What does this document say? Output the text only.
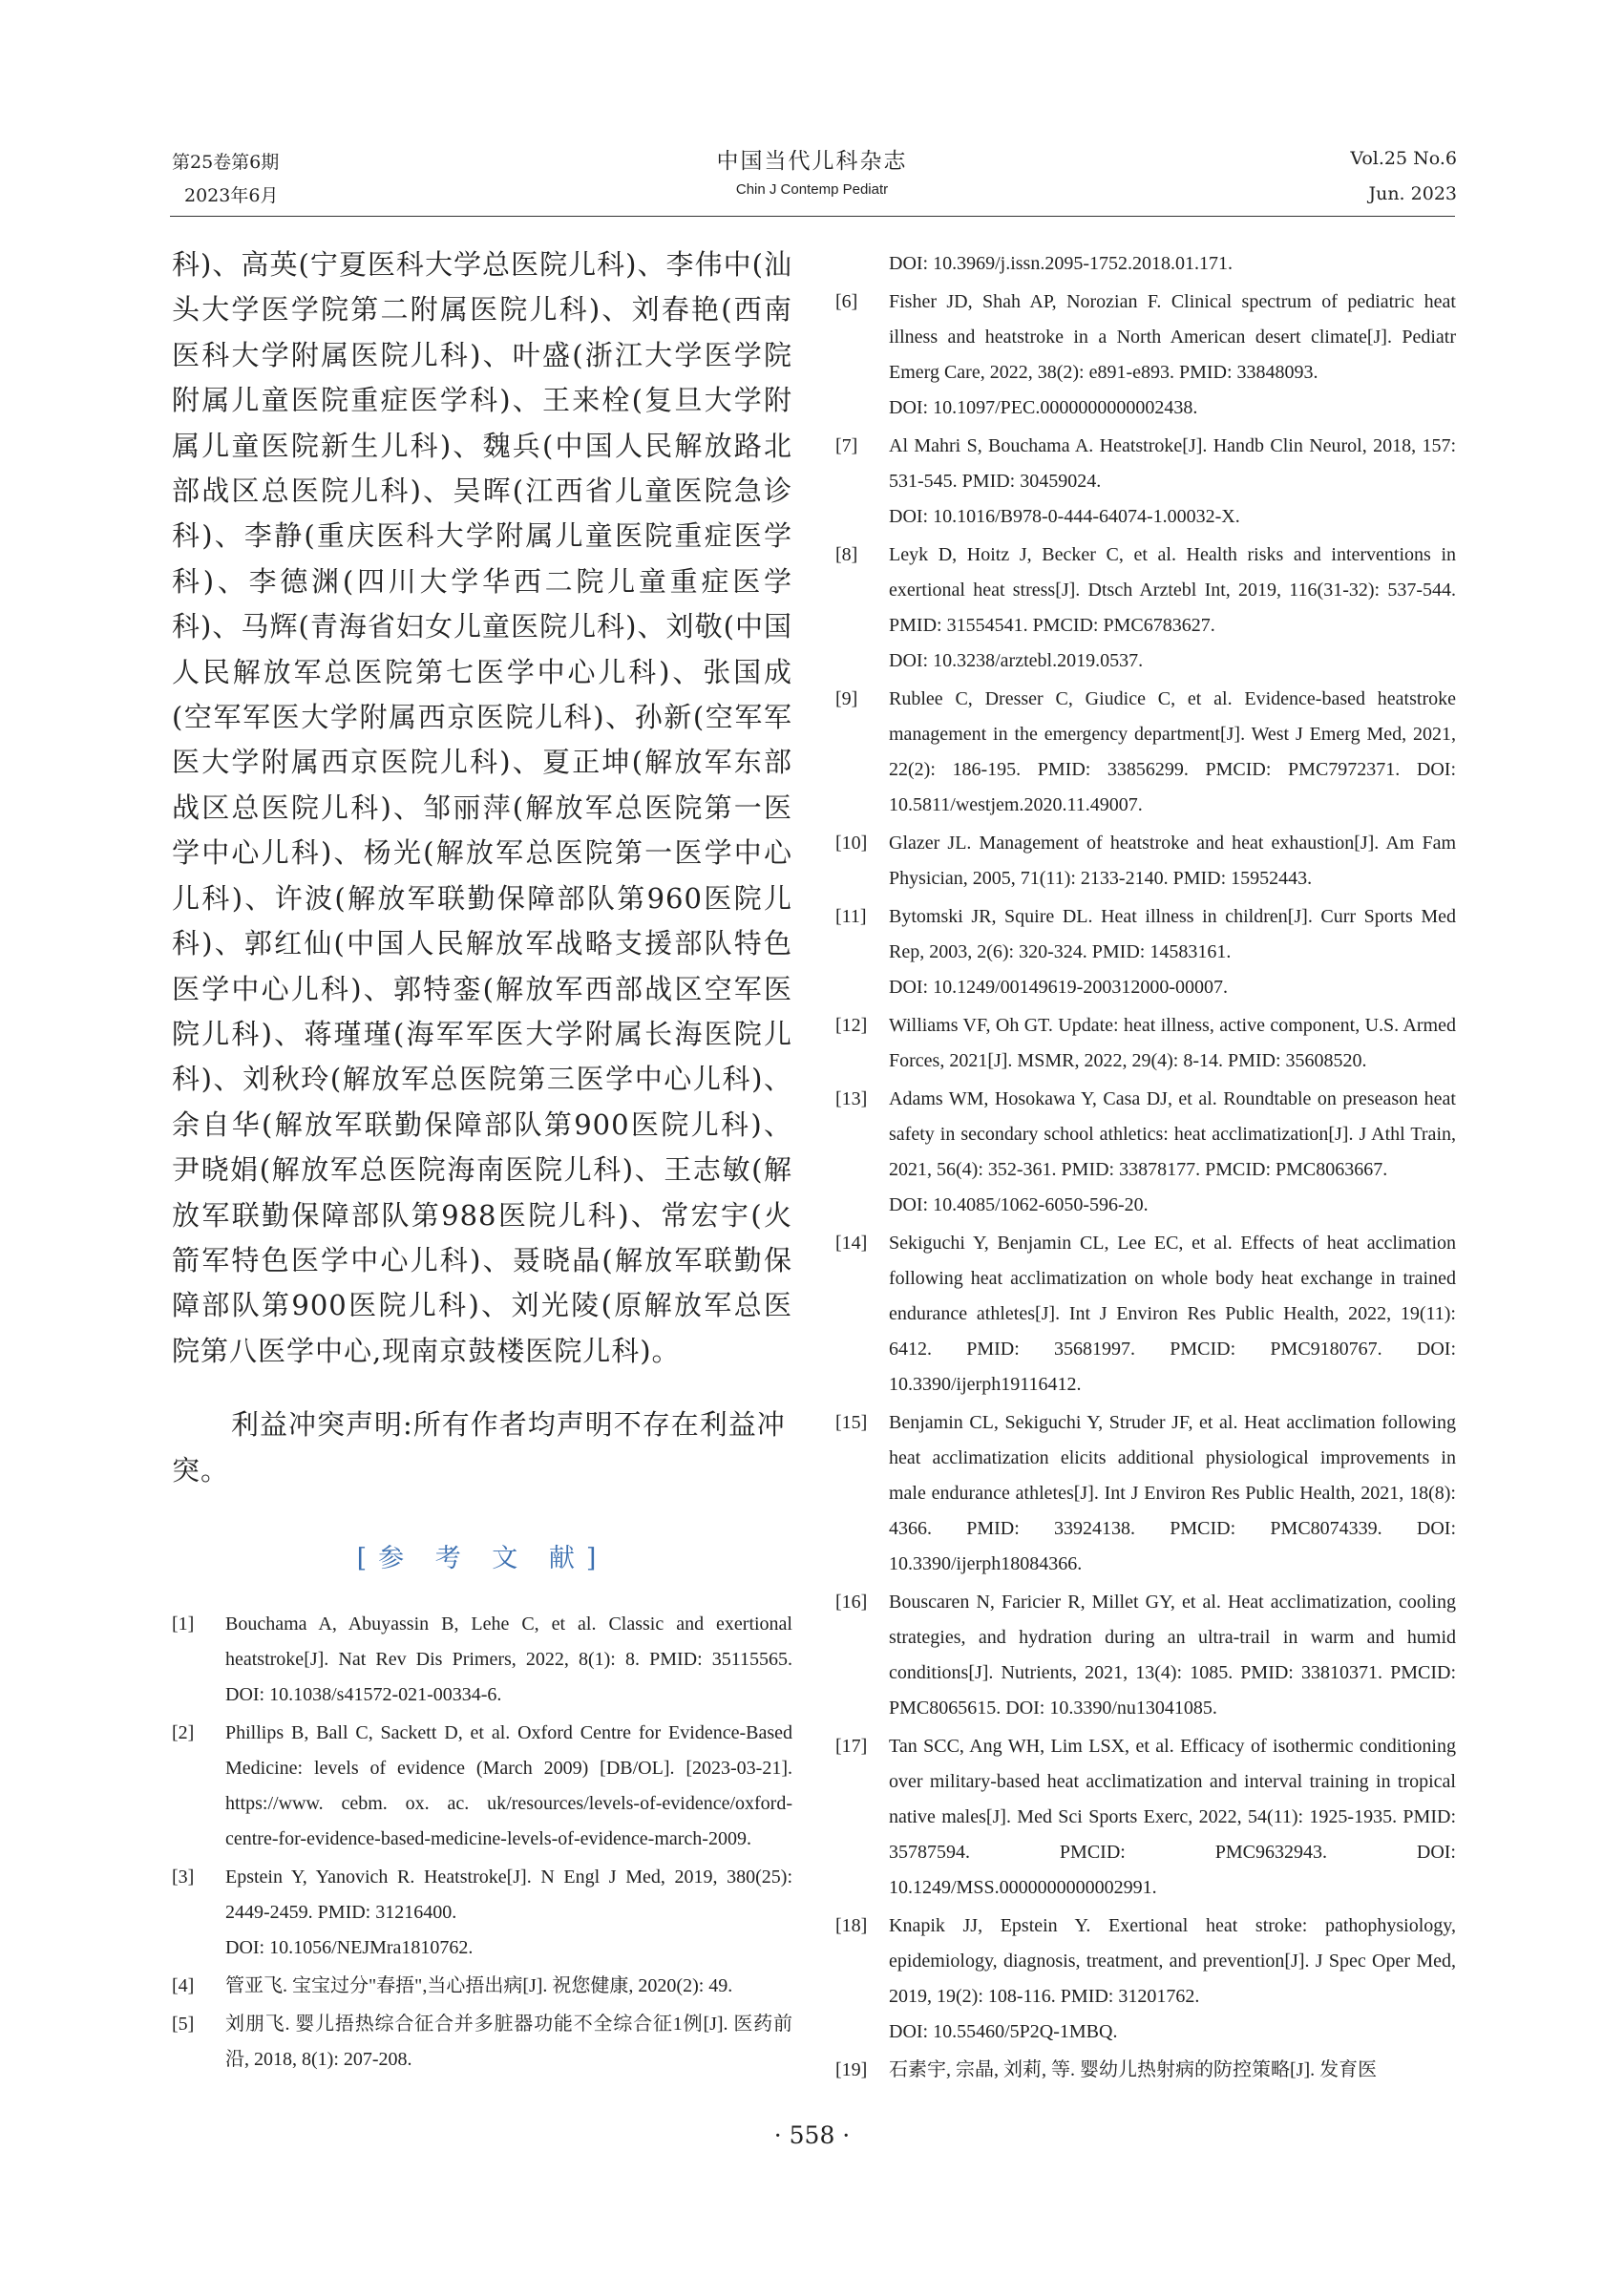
第25卷第6期
2023年6月
中国当代儿科杂志
Chin J Contemp Pediatr
Vol.25 No.6
Jun. 2023

科)、高英(宁夏医科大学总医院儿科)、李伟中(汕头大学医学院第二附属医院儿科)、刘春艳(西南医科大学附属医院儿科)、叶盛(浙江大学医学院附属儿童医院重症医学科)、王来栓(复旦大学附属儿童医院新生儿科)、魏兵(中国人民解放路北部战区总医院儿科)、吴晖(江西省儿童医院急诊科)、李静(重庆医科大学附属儿童医院重症医学科)、李德渊(四川大学华西二院儿童重症医学科)、马辉(青海省妇女儿童医院儿科)、刘敬(中国人民解放军总医院第七医学中心儿科)、张国成(空军军医大学附属西京医院儿科)、孙新(空军军医大学附属西京医院儿科)、夏正坤(解放军东部战区总医院儿科)、邹丽萍(解放军总医院第一医学中心儿科)、杨光(解放军总医院第一医学中心儿科)、许波(解放军联勤保障部队第960医院儿科)、郭红仙(中国人民解放军战略支援部队特色医学中心儿科)、郭特銮(解放军西部战区空军医院儿科)、蒋瑾瑾(海军军医大学附属长海医院儿科)、刘秋玲(解放军总医院第三医学中心儿科)、余自华(解放军联勤保障部队第900医院儿科)、尹晓娟(解放军总医院海南医院儿科)、王志敏(解放军联勤保障部队第988医院儿科)、常宏宇(火箭军特色医学中心儿科)、聂晓晶(解放军联勤保障部队第900医院儿科)、刘光陵(原解放军总医院第八医学中心,现南京鼓楼医院儿科)。

利益冲突声明:所有作者均声明不存在利益冲突。

[参 考 文 献]
[1] Bouchama A, Abuyassin B, Lehe C, et al. Classic and exertional heatstroke[J]. Nat Rev Dis Primers, 2022, 8(1): 8. PMID: 35115565. DOI: 10.1038/s41572-021-00334-6.
[2] Phillips B, Ball C, Sackett D, et al. Oxford Centre for Evidence-Based Medicine: levels of evidence (March 2009) [DB/OL]. [2023-03-21]. https://www. cebm. ox. ac. uk/resources/levels-of-evidence/oxford-centre-for-evidence-based-medicine-levels-of-evidence-march-2009.
[3] Epstein Y, Yanovich R. Heatstroke[J]. N Engl J Med, 2019, 380(25): 2449-2459. PMID: 31216400.
DOI: 10.1056/NEJMra1810762.
[4] 管亚飞. 宝宝过分"春捂",当心捂出病[J]. 祝您健康, 2020(2): 49.
[5] 刘朋飞. 婴儿捂热综合征合并多脏器功能不全综合征1例[J]. 医药前沿, 2018, 8(1): 207-208.
DOI: 10.3969/j.issn.2095-1752.2018.01.171.
[6] Fisher JD, Shah AP, Norozian F. Clinical spectrum of pediatric heat illness and heatstroke in a North American desert climate[J]. Pediatr Emerg Care, 2022, 38(2): e891-e893. PMID: 33848093.
DOI: 10.1097/PEC.0000000000002438.
[7] Al Mahri S, Bouchama A. Heatstroke[J]. Handb Clin Neurol, 2018, 157: 531-545. PMID: 30459024.
DOI: 10.1016/B978-0-444-64074-1.00032-X.
[8] Leyk D, Hoitz J, Becker C, et al. Health risks and interventions in exertional heat stress[J]. Dtsch Arztebl Int, 2019, 116(31-32): 537-544. PMID: 31554541. PMCID: PMC6783627.
DOI: 10.3238/arztebl.2019.0537.
[9] Rublee C, Dresser C, Giudice C, et al. Evidence-based heatstroke management in the emergency department[J]. West J Emerg Med, 2021, 22(2): 186-195. PMID: 33856299. PMCID: PMC7972371. DOI: 10.5811/westjem.2020.11.49007.
[10] Glazer JL. Management of heatstroke and heat exhaustion[J]. Am Fam Physician, 2005, 71(11): 2133-2140. PMID: 15952443.
[11] Bytomski JR, Squire DL. Heat illness in children[J]. Curr Sports Med Rep, 2003, 2(6): 320-324. PMID: 14583161.
DOI: 10.1249/00149619-200312000-00007.
[12] Williams VF, Oh GT. Update: heat illness, active component, U.S. Armed Forces, 2021[J]. MSMR, 2022, 29(4): 8-14. PMID: 35608520.
[13] Adams WM, Hosokawa Y, Casa DJ, et al. Roundtable on preseason heat safety in secondary school athletics: heat acclimatization[J]. J Athl Train, 2021, 56(4): 352-361. PMID: 33878177. PMCID: PMC8063667.
DOI: 10.4085/1062-6050-596-20.
[14] Sekiguchi Y, Benjamin CL, Lee EC, et al. Effects of heat acclimation following heat acclimatization on whole body heat exchange in trained endurance athletes[J]. Int J Environ Res Public Health, 2022, 19(11): 6412. PMID: 35681997. PMCID: PMC9180767. DOI: 10.3390/ijerph19116412.
[15] Benjamin CL, Sekiguchi Y, Struder JF, et al. Heat acclimation following heat acclimatization elicits additional physiological improvements in male endurance athletes[J]. Int J Environ Res Public Health, 2021, 18(8): 4366. PMID: 33924138. PMCID: PMC8074339. DOI: 10.3390/ijerph18084366.
[16] Bouscaren N, Faricier R, Millet GY, et al. Heat acclimatization, cooling strategies, and hydration during an ultra-trail in warm and humid conditions[J]. Nutrients, 2021, 13(4): 1085. PMID: 33810371. PMCID: PMC8065615. DOI: 10.3390/nu13041085.
[17] Tan SCC, Ang WH, Lim LSX, et al. Efficacy of isothermic conditioning over military-based heat acclimatization and interval training in tropical native males[J]. Med Sci Sports Exerc, 2022, 54(11): 1925-1935. PMID: 35787594. PMCID: PMC9632943. DOI: 10.1249/MSS.0000000000002991.
[18] Knapik JJ, Epstein Y. Exertional heat stroke: pathophysiology, epidemiology, diagnosis, treatment, and prevention[J]. J Spec Oper Med, 2019, 19(2): 108-116. PMID: 31201762.
DOI: 10.55460/5P2Q-1MBQ.
[19] 石素宇, 宗晶, 刘莉, 等. 婴幼儿热射病的防控策略[J]. 发育医
· 558 ·
